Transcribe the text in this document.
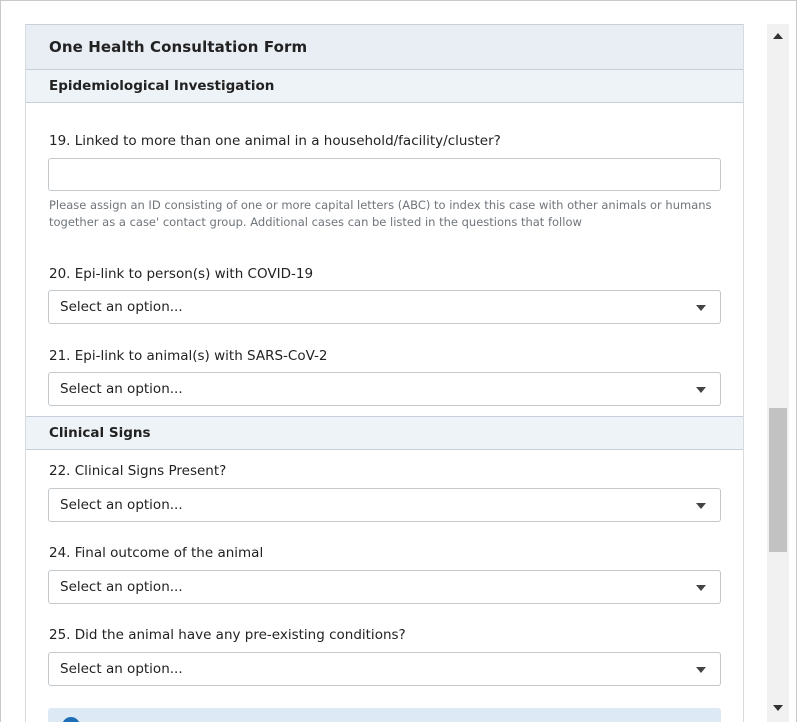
One Health Consultation Form
Epidemiological Investigation
19. Linked to more than one animal in a household/facility/cluster?
Please assign an ID consisting of one or more capital letters (ABC) to index this case with other animals or humans together as a case' contact group. Additional cases can be listed in the questions that follow
20. Epi-link to person(s) with COVID-19
Select an option...
21. Epi-link to animal(s) with SARS-CoV-2
Select an option...
Clinical Signs
22. Clinical Signs Present?
Select an option...
24. Final outcome of the animal
Select an option...
25. Did the animal have any pre-existing conditions?
Select an option...
